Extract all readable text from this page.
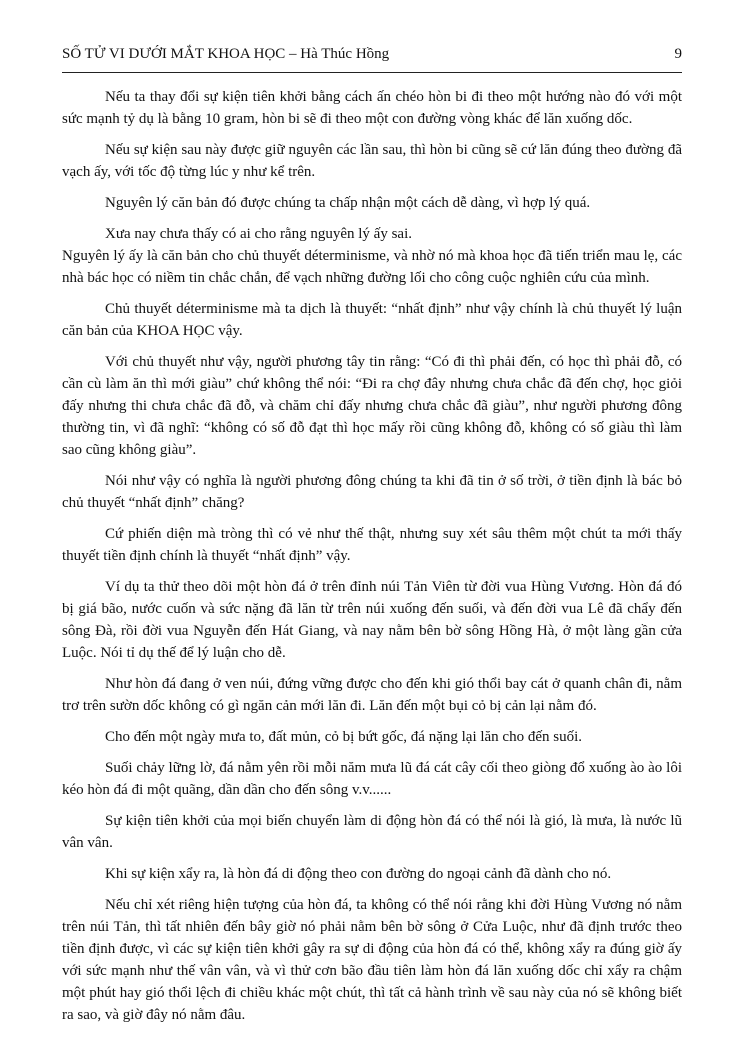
SỐ TỬ VI DƯỚI MẮT KHOA HỌC – Hà Thúc Hồng	9

Nếu ta thay đổi sự kiện tiên khởi bằng cách ấn chéo hòn bi đi theo một hướng nào đó với một sức mạnh tỷ dụ là bằng 10 gram, hòn bi sẽ đi theo một con đường vòng khác để lăn xuống dốc.

Nếu sự kiện sau này được giữ nguyên các lần sau, thì hòn bi cũng sẽ cứ lăn đúng theo đường đã vạch ấy, với tốc độ từng lúc y như kể trên.

Nguyên lý căn bản đó được chúng ta chấp nhận một cách dễ dàng, vì hợp lý quá.

Xưa nay chưa thấy có ai cho rằng nguyên lý ấy sai.

Nguyên lý ấy là căn bản cho chủ thuyết déterminisme, và nhờ nó mà khoa học đã tiến triển mau lẹ, các nhà bác học có niềm tin chắc chắn, để vạch những đường lối cho công cuộc nghiên cứu của mình.

Chủ thuyết déterminisme mà ta dịch là thuyết: “nhất định” như vậy chính là chủ thuyết lý luận căn bản của KHOA HỌC vậy.

Với chủ thuyết như vậy, người phương tây tin rằng: “Có đi thì phải đến, có học thì phải đỗ, có cần cù làm ăn thì mới giàu” chứ không thể nói: “Đi ra chợ đây nhưng chưa chắc đã đến chợ, học giỏi đấy nhưng thi chưa chắc đã đỗ, và chăm chỉ đấy nhưng chưa chắc đã giàu”, như người phương đông thường tin, vì đã nghĩ: “không có số đỗ đạt thì học mấy rồi cũng không đỗ, không có số giàu thì làm sao cũng không giàu”.

Nói như vậy có nghĩa là người phương đông chúng ta khi đã tin ở số trời, ở tiền định là bác bỏ chủ thuyết “nhất định” chăng?

Cứ phiến diện mà tròng thì có vẻ như thế thật, nhưng suy xét sâu thêm một chút ta mới thấy thuyết tiền định chính là thuyết “nhất định” vậy.

Ví dụ ta thử theo dõi một hòn đá ở trên đỉnh núi Tản Viên từ đời vua Hùng Vương. Hòn đá đó bị giá bão, nước cuốn và sức nặng đã lăn từ trên núi xuống đến suối, và đến đời vua Lê đã chẩy đến sông Đà, rồi đời vua Nguyễn đến Hát Giang, và nay nằm bên bờ sông Hồng Hà, ở một làng gần cửa Luộc. Nói tỉ dụ thế để lý luận cho dễ.

Như hòn đá đang ở ven núi, đứng vững được cho đến khi gió thổi bay cát ở quanh chân đi, nằm trơ trên sườn dốc không có gì ngăn cản mới lăn đi. Lăn đến một bụi cỏ bị cản lại nằm đó.

Cho đến một ngày mưa to, đất mủn, cỏ bị bứt gốc, đá nặng lại lăn cho đến suối.

Suối chảy lững lờ, đá nằm yên rồi mỗi năm mưa lũ đá cát cây cối theo giòng đổ xuống ào ào lôi kéo hòn đá đi một quãng, dần dần cho đến sông v.v......

Sự kiện tiên khởi của mọi biến chuyển làm di động hòn đá có thể nói là gió, là mưa, là nước lũ vân vân.

Khi sự kiện xẩy ra, là hòn đá di động theo con đường do ngoại cảnh đã dành cho nó.

Nếu chỉ xét riêng hiện tượng của hòn đá, ta không có thể nói rằng khi đời Hùng Vương nó nằm trên núi Tản, thì tất nhiên đến bây giờ nó phải nằm bên bờ sông ở Cửa Luộc, như đã định trước theo tiền định được, vì các sự kiện tiên khởi gây ra sự di động của hòn đá có thể, không xẩy ra đúng giờ ấy với sức mạnh như thế vân vân, và vì thử cơn bão đầu tiên làm hòn đá lăn xuống dốc chỉ xẩy ra chậm một phút hay gió thổi lệch đi chiều khác một chút, thì tất cả hành trình về sau này của nó sẽ không biết ra sao, và giờ đây nó nằm đâu.
